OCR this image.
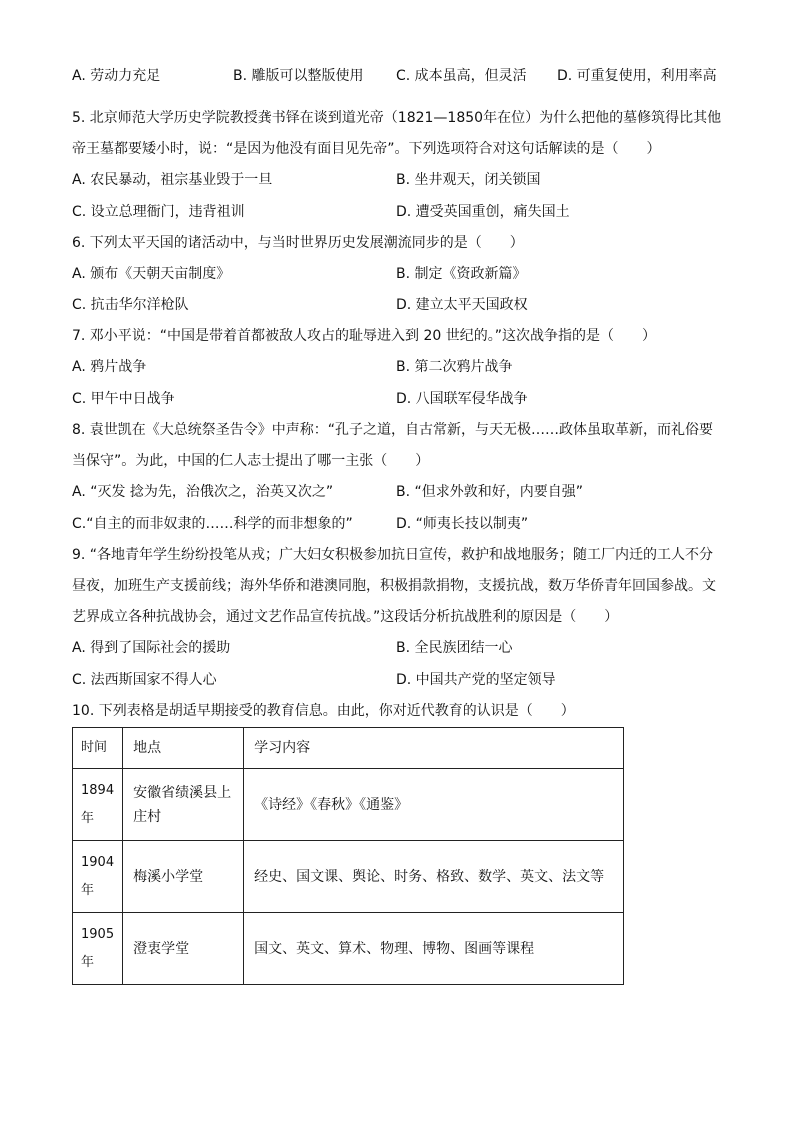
A. 劳动力充足	B. 雕版可以整版使用 C. 成本虽高，但灵活 D. 可重复使用，利用率高
5. 北京师范大学历史学院教授龚书铎在谈到道光帝（1821—1850年在位）为什么把他的墓修筑得比其他
帝王墓都要矮小时，说：“是因为他没有面目见先帝”。下列选项符合对这句话解读的是（　　）
A. 农民暴动，祖宗基业毁于一旦	B. 坐井观天，闭关锁国
C. 设立总理衙门，违背祖训	D. 遭受英国重创，痛失国土
6. 下列太平天国的诸活动中，与当时世界历史发展潮流同步的是（　　）
A. 颁布《天朝天亩制度》	B. 制定《资政新篇》
C. 抗击华尔洋枪队	D. 建立太平天国政权
7. 邓小平说：“中国是带着首都被敌人攻占的耻辱进入到 20 世纪的。”这次战争指的是（　　）
A. 鸦片战争	B. 第二次鸦片战争
C. 甲午中日战争	D. 八国联军侵华战争
8. 袁世凯在《大总统祭圣告令》中声称：“孔子之道，自古常新，与天无极……政体虽取革新，而礼俗要
当保守”。为此，中国的仁人志士提出了哪一主张（　　）
A. “灭发 捻为先，治俄次之，治英又次之”	B. “但求外敦和好，内要自强”
C.“自主的而非奴隶的……科学的而非想象的”	D. “师夷长技以制夷”
9. “各地青年学生纷纷投笔从戎；广大妇女积极参加抗日宣传，救护和战地服务；随工厂内迁的工人不分
昼夜，加班生产支援前线；海外华侨和港澳同胞，积极捐款捐物，支援抗战，数万华侨青年回国参战。文
艺界成立各种抗战协会，通过文艺作品宣传抗战。”这段话分析抗战胜利的原因是（　　）
A. 得到了国际社会的援助	B. 全民族团结一心
C. 法西斯国家不得人心	D. 中国共产党的坚定领导
10. 下列表格是胡适早期接受的教育信息。由此，你对近代教育的认识是（　　）
时间	地点	学习内容
1894年	安徽省绩溪县上庄村	《诗经》《春秋》《通鉴》
1904年	梅溪小学堂	经史、国文课、舆论、时务、格致、数学、英文、法文等
1905年	澄衷学堂	国文、英文、算术、物理、博物、图画等课程
